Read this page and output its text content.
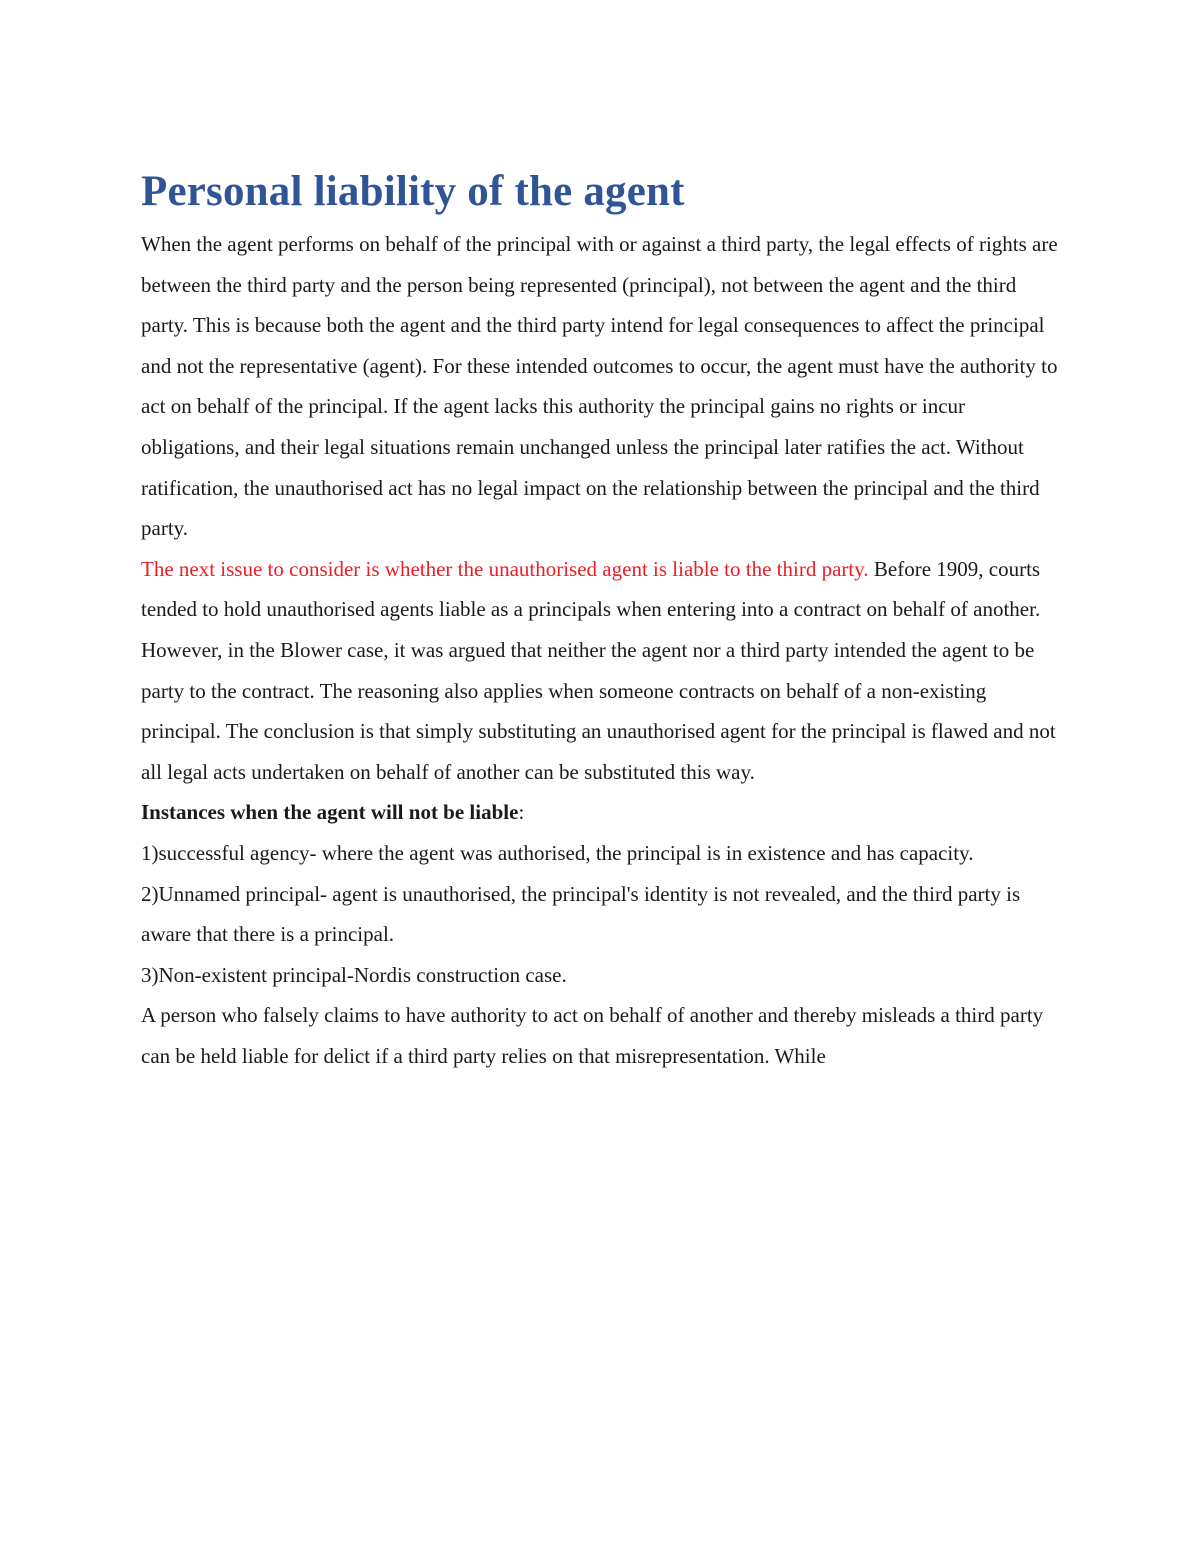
Personal liability of the agent

When the agent performs on behalf of the principal with or against a third party, the legal effects of rights are between the third party and the person being represented (principal), not between the agent and the third party. This is because both the agent and the third party intend for legal consequences to affect the principal and not the representative (agent). For these intended outcomes to occur, the agent must have the authority to act on behalf of the principal. If the agent lacks this authority the principal gains no rights or incur obligations, and their legal situations remain unchanged unless the principal later ratifies the act. Without ratification, the unauthorised act has no legal impact on the relationship between the principal and the third party.

The next issue to consider is whether the unauthorised agent is liable to the third party. Before 1909, courts tended to hold unauthorised agents liable as a principals when entering into a contract on behalf of another. However, in the Blower case, it was argued that neither the agent nor a third party intended the agent to be party to the contract. The reasoning also applies when someone contracts on behalf of a non-existing principal. The conclusion is that simply substituting an unauthorised agent for the principal is flawed and not all legal acts undertaken on behalf of another can be substituted this way.

Instances when the agent will not be liable:

1)successful agency- where the agent was authorised, the principal is in existence and has capacity.

2)Unnamed principal- agent is unauthorised, the principal's identity is not revealed, and the third party is aware that there is a principal.

3)Non-existent principal-Nordis construction case.

A person who falsely claims to have authority to act on behalf of another and thereby misleads a third party can be held liable for delict if a third party relies on that misrepresentation. While
